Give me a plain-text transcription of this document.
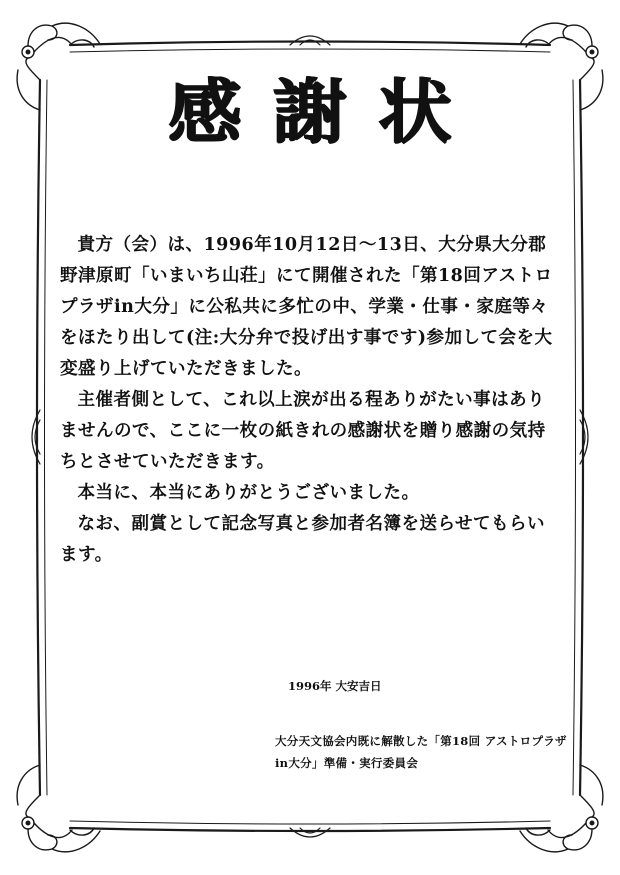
感謝状

貴方（会）は、1996年10月12日～13日、大分県大分郡野津原町「いまいち山荘」にて開催された「第18回アストロプラザin大分」に公私共に多忙の中、学業・仕事・家庭等々をほたり出して(注:大分弁で投げ出す事です)参加して会を大変盛り上げていただきました。

主催者側として、これ以上涙が出る程ありがたい事はありませんので、ここに一枚の紙きれの感謝状を贈り感謝の気持ちとさせていただきます。

本当に、本当にありがとうございました。

なお、副賞として記念写真と参加者名簿を送らせてもらいます。

1996年 大安吉日
大分天文協会内既に解散した「第18回 アストロプラザin大分」準備・実行委員会
